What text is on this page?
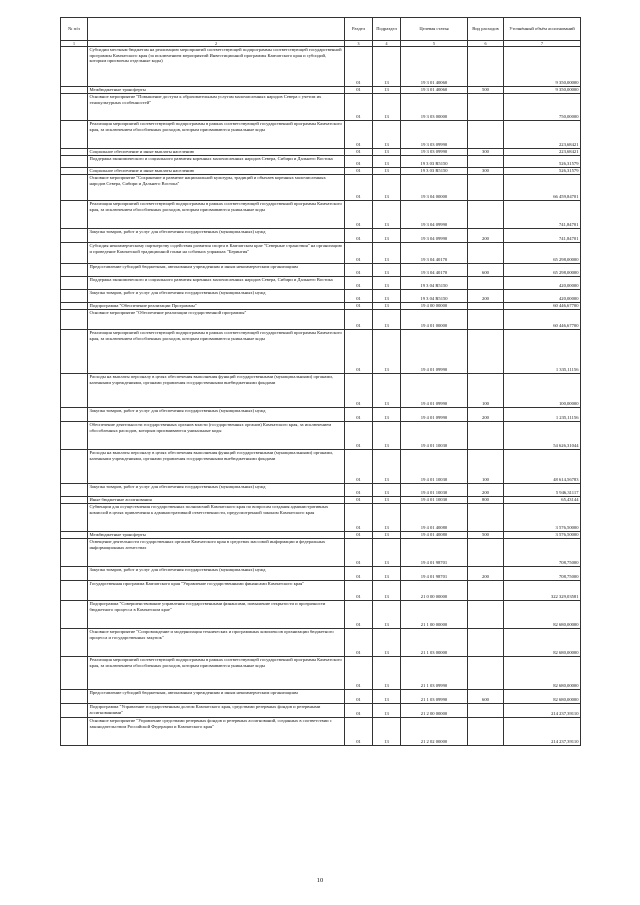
№ п/п		Раздел	Подраздел	Целевая статья	Вид расходов	Уточнённый объём ассигнований
1	2	3	4	5	6	7
	Субсидии местным бюджетам на реализацию мероприятий соответствующей подпрограммы соответствующей государственной программы Камчатского края (за исключением мероприятий Инвестиционной программы Камчатского края и субсидий, которым присвоены отдельные коды)	01	13	19 3 01 40060		9 350,00000
	Межбюджетные трансферты	01	13	19 3 01 40060	500	9 350,00000
	Основное мероприятие "Повышение доступа к образовательным услугам малочисленных народов Севера с учетом их этнокультурных особенностей"	01	13	19 3 03 00000		750,00000
	Реализация мероприятий соответствующей подпрограммы в рамках соответствующей государственной программы Камчатского края, за исключением обособленных расходов, которым присваиваются уникальные коды	01	13	19 3 03 09990		223,68421
	Социальное обеспечение и иные выплаты населению	01	13	19 3 03 09990	300	223,68421
	Поддержка экономического и социального развития коренных малочисленных народов Севера, Сибири и Дальнего Востока	01	13	19 3 03 R5150		526,31579
	Социальное обеспечение и иные выплаты населению	01	13	19 3 03 R5150	300	526,31579
	Основное мероприятие "Сохранение и развитие национальной культуры, традиций и обычаев коренных малочисленных народов Севера, Сибири и Дальнего Востока"	01	13	19 3 04 00000		66 459,84701
	Реализация мероприятий соответствующей подпрограммы в рамках соответствующей государственной программы Камчатского края, за исключением обособленных расходов, которым присваиваются уникальные коды	01	13	19 3 04 09990		741,84701
	Закупка товаров, работ и услуг для обеспечения государственных (муниципальных) нужд	01	13	19 3 04 09990	200	741,84701
	Субсидия некоммерческому партнерству содействия развития спорта в Камчатском крае "Северные странствия" на организацию и проведение Камчатской традиционной гонки на собачьих упряжках "Берингия"	01	13	19 3 04 40170		65 298,00000
	Предоставление субсидий бюджетным, автономным учреждениям и иным некоммерческим организациям	01	13	19 3 04 40170	600	65 298,00000
	Поддержка экономического и социального развития коренных малочисленных народов Севера, Сибири и Дальнего Востока	01	13	19 3 04 R5150		420,00000
	Закупка товаров, работ и услуг для обеспечения государственных (муниципальных) нужд	01	13	19 3 04 R5150	200	420,00000
	Подпрограмма "Обеспечение реализации Программы"	01	13	19 4 00 00000		60 446,67700
	Основное мероприятие "Обеспечение реализации государственной программы"	01	13	19 4 01 00000		60 446,67700
	Реализация мероприятий соответствующей подпрограммы в рамках соответствующей государственной программы Камчатского края, за исключением обособленных расходов, которым присваиваются уникальные коды	01	13	19 4 01 09990		1 335,11156
	Расходы на выплаты персоналу в целях обеспечения выполнения функций государственными (муниципальными) органами, казенными учреждениями, органами управления государственными внебюджетными фондами	01	13	19 4 01 09990	100	100,00000
	Закупка товаров, работ и услуг для обеспечения государственных (муниципальных) нужд	01	13	19 4 01 09990	200	1 235,11156
	Обеспечение деятельности государственных органов власти (государственных органов) Камчатского края, за исключением обособленных расходов, которым присваиваются уникальные коды	01	13	19 4 01 10030		54 626,31044
	Расходы на выплаты персоналу в целях обеспечения выполнения функций государственными (муниципальными) органами, казенными учреждениями, органами управления государственными внебюджетными фондами	01	13	19 4 01 10030	100	48 614,56783
	Закупка товаров, работ и услуг для обеспечения государственных (муниципальных) нужд	01	13	19 4 01 10030	200	5 946,31117
	Иные бюджетные ассигнования	01	13	19 4 01 10030	800	65,43144
	Субвенции для осуществления государственных полномочий Камчатского края по вопросам создания административных комиссий в целях привлечения к административной ответственности, предусмотренной законом Камчатского края	01	13	19 4 01 40080		3 576,50000
	Межбюджетные трансферты	01	13	19 4 01 40080	500	3 576,50000
	Освещение деятельности государственных органов Камчатского края в средствах массовой информации и федеральных информационных агентствах	01	13	19 4 01 98701		708,75000
	Закупка товаров, работ и услуг для обеспечения государственных (муниципальных) нужд	01	13	19 4 01 98701	200	708,75000
	Государственная программа Камчатского края "Управление государственными финансами Камчатского края"	01	13	21 0 00 00000		322 329,03581
	Подпрограмма "Совершенствование управления государственными финансами, повышение открытости и прозрачности бюджетного процесса в Камчатском крае"	01	13	21 1 00 00000		82 680,00000
	Основное мероприятие "Сопровождение и модернизация технических и программных комплексов организации бюджетного процесса и государственных закупок"	01	13	21 1 03 00000		82 680,00000
	Реализация мероприятий соответствующей подпрограммы в рамках соответствующей государственной программы Камчатского края, за исключением обособленных расходов, которым присваиваются уникальные коды	01	13	21 1 03 09990		82 680,00000
	Предоставление субсидий бюджетным, автономным учреждениям и иным некоммерческим организациям	01	13	21 1 03 09990	600	82 680,00000
	Подпрограмма "Управление государственным долгом Камчатского края, средствами резервных фондов и резервными ассигнованиями"	01	13	21 2 00 00000		214 237,39110
	Основное мероприятие "Управление средствами резервных фондов и резервных ассигнований, созданных в соответствии с законодательством Российской Федерации и Камчатского края"	01	13	21 2 02 00000		214 237,39110
10
